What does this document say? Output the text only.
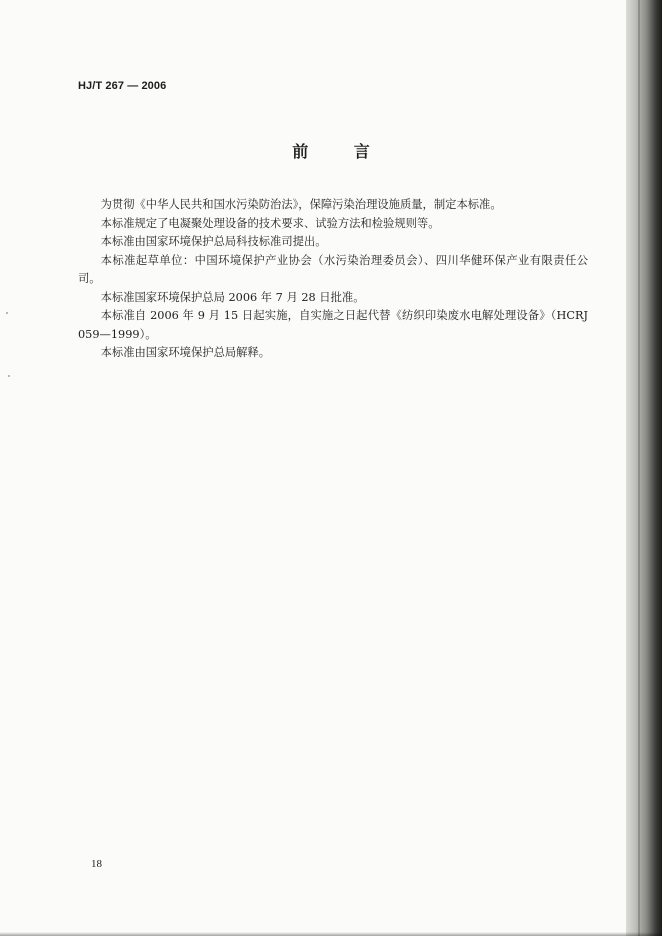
HJ/T 267 — 2006
前 言

为贯彻《中华人民共和国水污染防治法》，保障污染治理设施质量，制定本标准。

本标准规定了电凝聚处理设备的技术要求、试验方法和检验规则等。

本标准由国家环境保护总局科技标准司提出。

本标准起草单位：中国环境保护产业协会（水污染治理委员会）、四川华健环保产业有限责任公司。

本标准国家环境保护总局 2006 年 7 月 28 日批准。

本标准自 2006 年 9 月 15 日起实施，自实施之日起代替《纺织印染废水电解处理设备》（HCRJ 059—1999）。

本标准由国家环境保护总局解释。

18
